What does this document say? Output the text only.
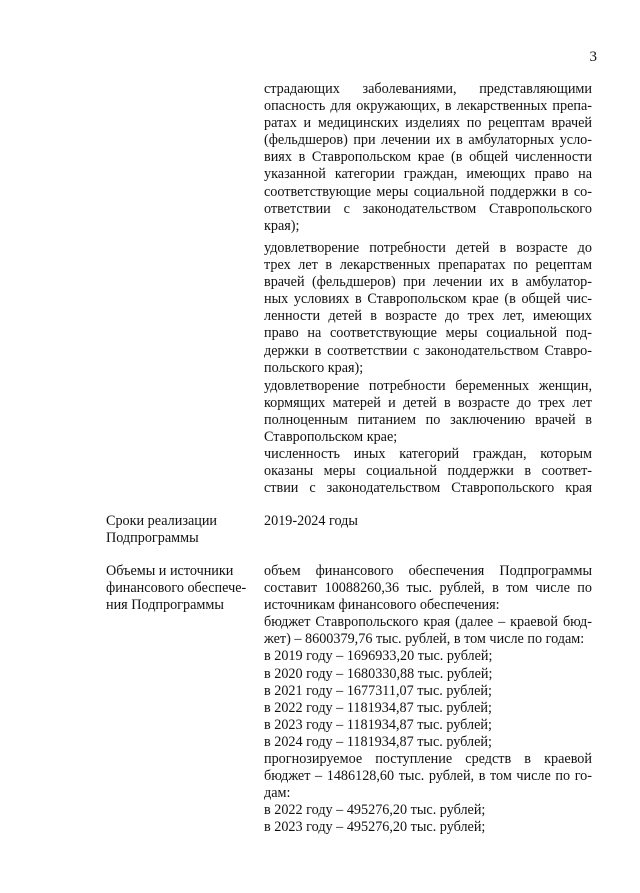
3

страдающих заболеваниями, представляющими
опасность для окружающих, в лекарственных препа-
ратах и медицинских изделиях по рецептам врачей
(фельдшеров) при лечении их в амбулаторных усло-
виях в Ставропольском крае (в общей численности
указанной категории граждан, имеющих право на
соответствующие меры социальной поддержки в со-
ответствии с законодательством Ставропольского
края);

удовлетворение потребности детей в возрасте до
трех лет в лекарственных препаратах по рецептам
врачей (фельдшеров) при лечении их в амбулатор-
ных условиях в Ставропольском крае (в общей чис-
ленности детей в возрасте до трех лет, имеющих
право на соответствующие меры социальной под-
держки в соответствии с законодательством Ставро-
польского края);

удовлетворение потребности беременных женщин,
кормящих матерей и детей в возрасте до трех лет
полноценным питанием по заключению врачей в
Ставропольском крае;

численность иных категорий граждан, которым
оказаны меры социальной поддержки в соответ-
ствии с законодательством Ставропольского края

Сроки реализации
Подпрограммы

2019-2024 годы

Объемы и источники
финансового обеспече-
ния Подпрограммы

объем финансового обеспечения Подпрограммы
составит 10088260,36 тыс. рублей, в том числе по
источникам финансового обеспечения:
бюджет Ставропольского края (далее – краевой бюд-
жет) – 8600379,76 тыс. рублей, в том числе по годам:
в 2019 году – 1696933,20 тыс. рублей;
в 2020 году – 1680330,88 тыс. рублей;
в 2021 году – 1677311,07 тыс. рублей;
в 2022 году – 1181934,87 тыс. рублей;
в 2023 году – 1181934,87 тыс. рублей;
в 2024 году – 1181934,87 тыс. рублей;
прогнозируемое поступление средств в краевой
бюджет – 1486128,60 тыс. рублей, в том числе по го-
дам:
в 2022 году – 495276,20 тыс. рублей;
в 2023 году – 495276,20 тыс. рублей;
